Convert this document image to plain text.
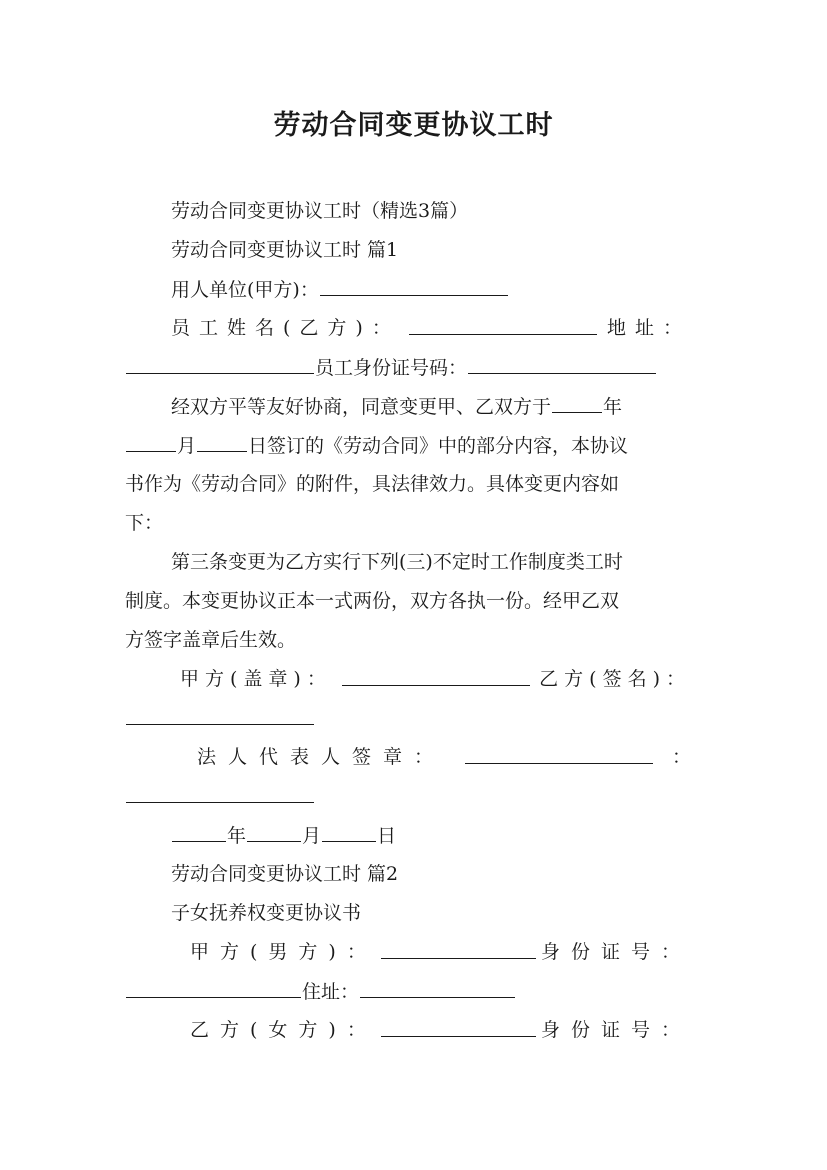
劳动合同变更协议工时
劳动合同变更协议工时（精选3篇）
劳动合同变更协议工时 篇1
用人单位(甲方)：
员工姓名(乙方)：	地址：
员工身份证号码：
经双方平等友好协商，同意变更甲、乙双方于	年
月	日签订的《劳动合同》中的部分内容，本协议
书作为《劳动合同》的附件，具法律效力。具体变更内容如
下：
第三条变更为乙方实行下列(三)不定时工作制度类工时
制度。本变更协议正本一式两份，双方各执一份。经甲乙双
方签字盖章后生效。
甲方(盖章)：	乙方(签名)：
法人代表人签章：	：
年	月	日
劳动合同变更协议工时 篇2
子女抚养权变更协议书
甲方(男方)：	身份证号：
住址：
乙方(女方)：	身份证号：
